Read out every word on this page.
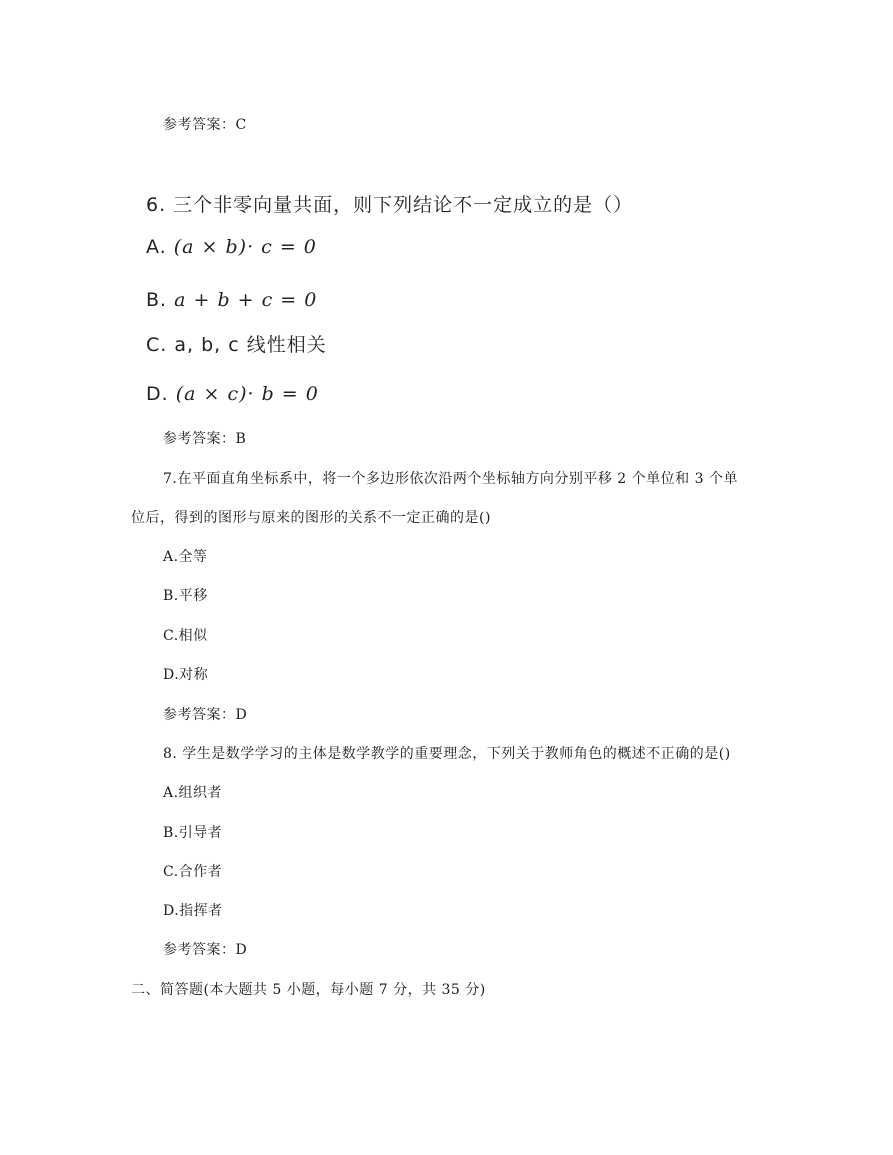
参考答案：C
6. 三个非零向量共面，则下列结论不一定成立的是（）
A. (a × b)· c = 0
B. a + b + c = 0
C. a, b, c 线性相关
D. (a × c)· b = 0
参考答案：B
7.在平面直角坐标系中，将一个多边形依次沿两个坐标轴方向分别平移 2 个单位和 3 个单
位后，得到的图形与原来的图形的关系不一定正确的是()
A.全等
B.平移
C.相似
D.对称
参考答案：D
8. 学生是数学学习的主体是数学教学的重要理念，下列关于教师角色的概述不正确的是()
A.组织者
B.引导者
C.合作者
D.指挥者
参考答案：D
二、简答题(本大题共 5 小题，每小题 7 分，共 35 分)
